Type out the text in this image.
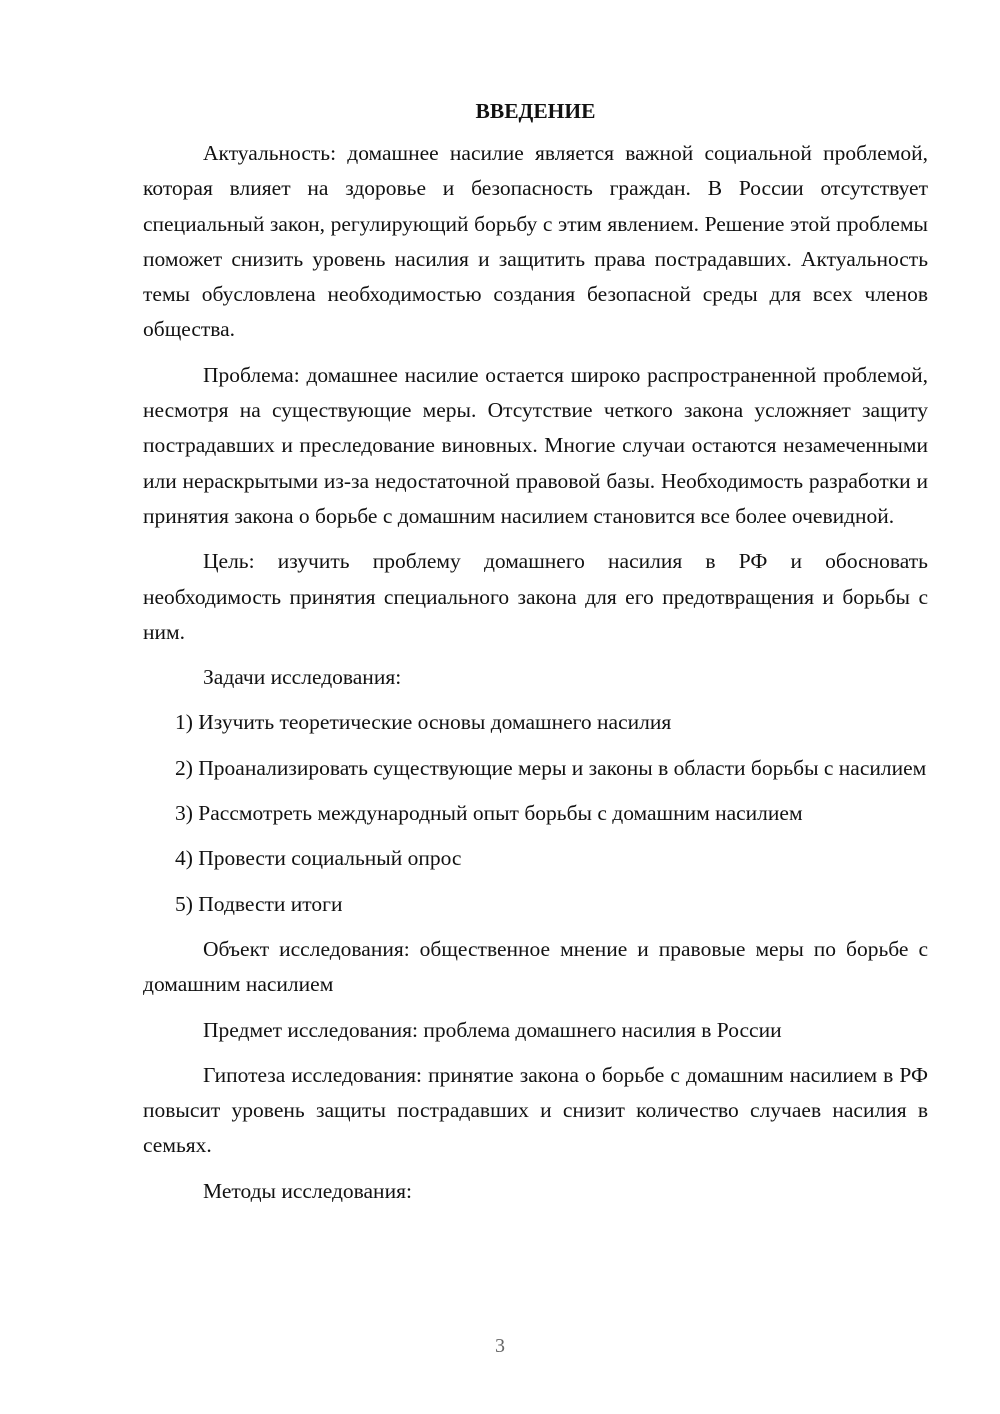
ВВЕДЕНИЕ

Актуальность: домашнее насилие является важной социальной проблемой, которая влияет на здоровье и безопасность граждан. В России отсутствует специальный закон, регулирующий борьбу с этим явлением. Решение этой проблемы поможет снизить уровень насилия и защитить права пострадавших. Актуальность темы обусловлена необходимостью создания безопасной среды для всех членов общества.

Проблема: домашнее насилие остается широко распространенной проблемой, несмотря на существующие меры. Отсутствие четкого закона усложняет защиту пострадавших и преследование виновных. Многие случаи остаются незамеченными или нераскрытыми из-за недостаточной правовой базы. Необходимость разработки и принятия закона о борьбе с домашним насилием становится все более очевидной.

Цель: изучить проблему домашнего насилия в РФ и обосновать необходимость принятия специального закона для его предотвращения и борьбы с ним.

Задачи исследования:

1) Изучить теоретические основы домашнего насилия

2) Проанализировать существующие меры и законы в области борьбы с насилием

3) Рассмотреть международный опыт борьбы с домашним насилием

4) Провести социальный опрос

5) Подвести итоги

Объект исследования: общественное мнение и правовые меры по борьбе с домашним насилием

Предмет исследования: проблема домашнего насилия в России

Гипотеза исследования: принятие закона о борьбе с домашним насилием в РФ повысит уровень защиты пострадавших и снизит количество случаев насилия в семьях.

Методы исследования:

3
